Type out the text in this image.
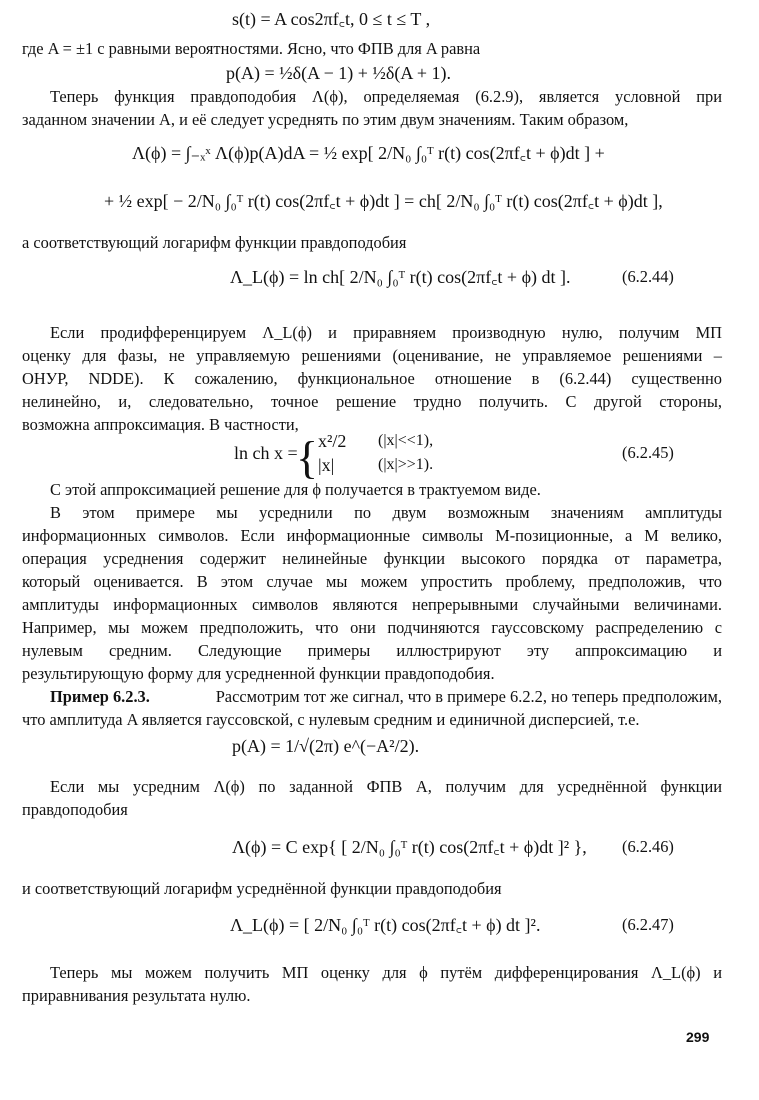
s(t) = A cos2πf꜀t, 0 ≤ t ≤ T ,
где A = ±1 с равными вероятностями. Ясно, что ФПВ для A равна
p(A) = ½δ(A − 1) + ½δ(A + 1).
Теперь функция правдоподобия Λ(ϕ), определяемая (6.2.9), является условной при
заданном значении A, и её следует усреднять по этим двум значениям. Таким образом,
Λ(ϕ) = ∫₋ₓˣ Λ(ϕ)p(A)dA = ½ exp[ 2/N₀ ∫₀ᵀ r(t) cos(2πf꜀t + ϕ)dt ] +
+ ½ exp[ − 2/N₀ ∫₀ᵀ r(t) cos(2πf꜀t + ϕ)dt ] = ch[ 2/N₀ ∫₀ᵀ r(t) cos(2πf꜀t + ϕ)dt ],
а соответствующий логарифм функции правдоподобия
Λ_L(ϕ) = ln ch[ 2/N₀ ∫₀ᵀ r(t) cos(2πf꜀t + ϕ) dt ].	(6.2.44)
Если продифференцируем Λ_L(ϕ) и приравняем производную нулю, получим МП
оценку для фазы, не управляемую решениями (оценивание, не управляемое решениями –
ОНУР, NDDE). К сожалению, функциональное отношение в (6.2.44) существенно
нелинейно, и, следовательно, точное решение трудно получить. С другой стороны,
возможна аппроксимация. В частности,
ln ch x =
{ x²/2 (|x|<<1),
|x|	(|x|>>1).
(6.2.45)
С этой аппроксимацией решение для ϕ получается в трактуемом виде.
В этом примере мы усреднили по двум возможным значениям амплитуды
информационных символов. Если информационные символы M-позиционные, а M велико,
операция усреднения содержит нелинейные функции высокого порядка от параметра,
который оценивается. В этом случае мы можем упростить проблему, предположив, что
амплитуды информационных символов являются непрерывными случайными величинами.
Например, мы можем предположить, что они подчиняются гауссовскому распределению с
нулевым средним. Следующие примеры иллюстрируют эту аппроксимацию и
результирующую форму для усредненной функции правдоподобия.
Пример 6.2.3.	Рассмотрим тот же сигнал, что в примере 6.2.2, но теперь предположим,
что амплитуда A является гауссовской, с нулевым средним и единичной дисперсией, т.е.
p(A) = 1/√(2π) e^(−A²/2).
Если мы усредним Λ(ϕ) по заданной ФПВ A, получим для усреднённой функции
правдоподобия
Λ(ϕ) = C exp{ [ 2/N₀ ∫₀ᵀ r(t) cos(2πf꜀t + ϕ)dt ]² }, (6.2.46)
и соответствующий логарифм усреднённой функции правдоподобия
Λ_L(ϕ) = [ 2/N₀ ∫₀ᵀ r(t) cos(2πf꜀t + ϕ) dt ]².	(6.2.47)
Теперь мы можем получить МП оценку для ϕ путём дифференцирования Λ_L(ϕ) и
приравнивания результата нулю.
299
